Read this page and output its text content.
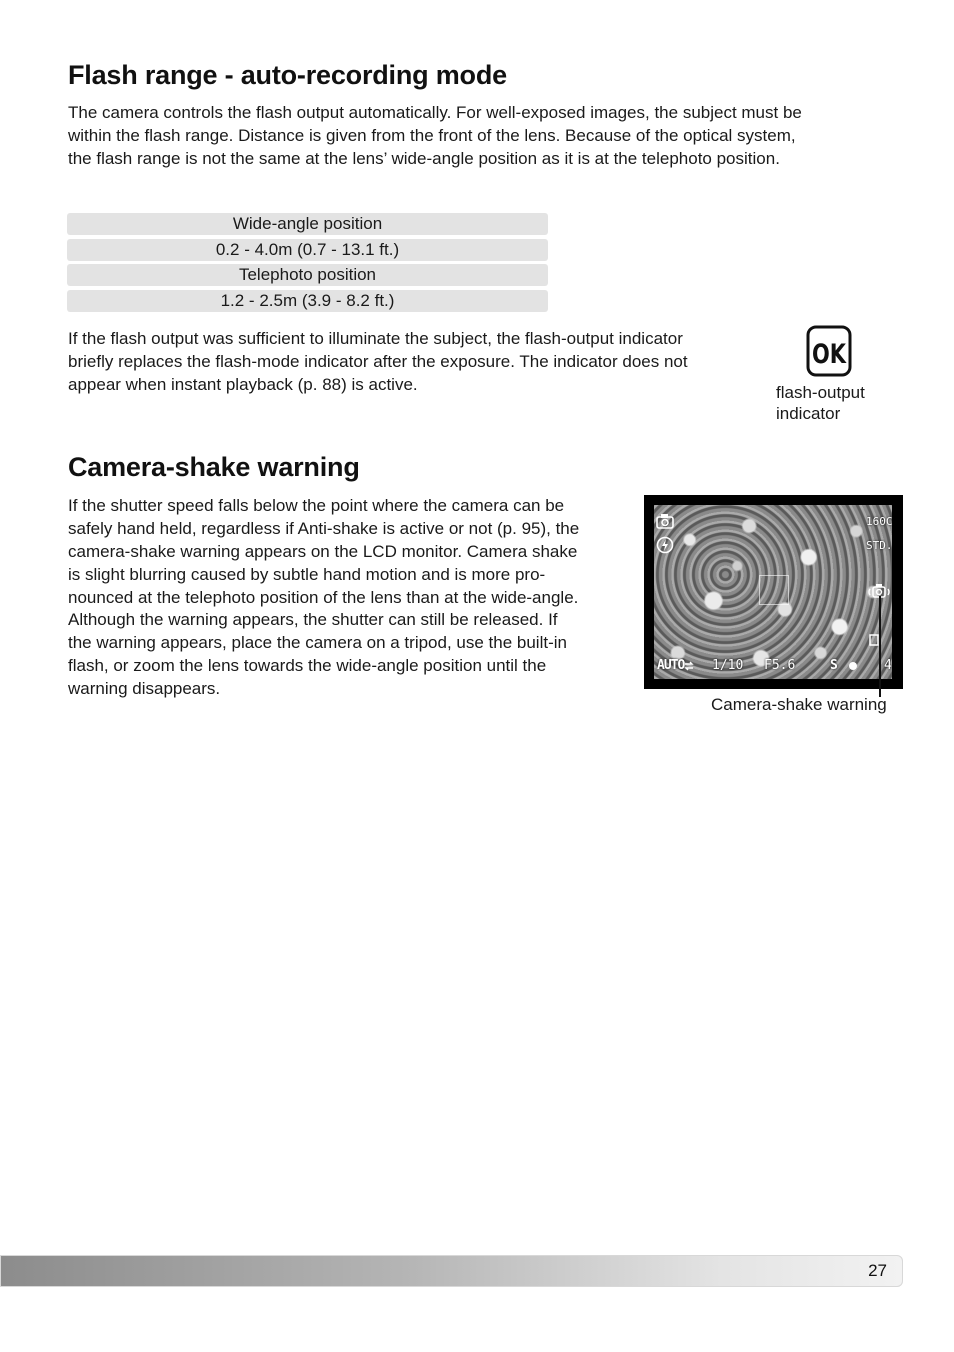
Flash range - auto-recording mode

The camera controls the flash output automatically. For well-exposed images, the subject must be

within the flash range. Distance is given from the front of the lens. Because of the optical system,

the flash range is not the same at the lens’ wide-angle position as it is at the telephoto position.

Wide-angle position
0.2 - 4.0m (0.7 - 13.1 ft.)
Telephoto position
1.2 - 2.5m (3.9 - 8.2 ft.)

If the flash output was sufficient to illuminate the subject, the flash-output indicator

briefly replaces the flash-mode indicator after the exposure. The indicator does not

appear when instant playback (p. 88) is active.

OK

flash-output

indicator

Camera-shake warning

If the shutter speed falls below the point where the camera can be

safely hand held, regardless if Anti-shake is active or not (p. 95), the

camera-shake warning appears on the LCD monitor. Camera shake

is slight blurring caused by subtle hand motion and is more pro-

nounced at the telephoto position of the lens than at the wide-angle.

Although the warning appears, the shutter can still be released. If

the warning appears, place the camera on a tripod, use the built-in

flash, or zoom the lens towards the wide-angle position until the

warning disappears.

160C
STD.
AUTO 1/10 F5.6	S	4

Camera-shake warning

27
